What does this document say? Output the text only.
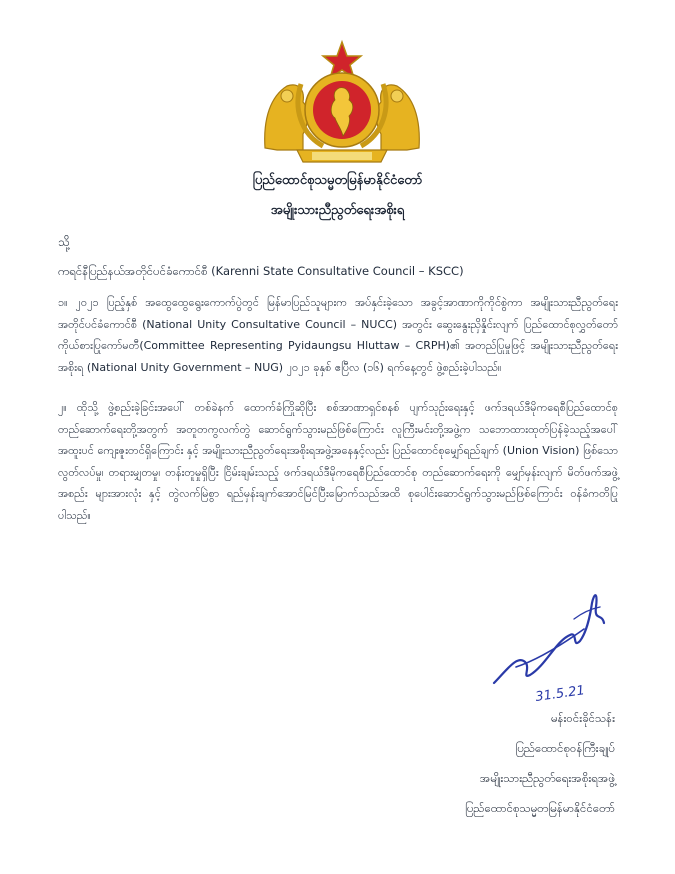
ပြည်ထောင်စုသမ္မတမြန်မာနိုင်ငံတော်
အမျိုးသားညီညွတ်ရေးအစိုးရ
သို့
ကရင်နီပြည်နယ်အတိုင်ပင်ခံကောင်စီ (Karenni State Consultative Council – KSCC)
၁။ ၂၀၂၁ ပြည့်နှစ် အထွေထွေရွေးကောက်ပွဲတွင် မြန်မာပြည်သူများက အပ်နှင်းခဲ့သော အခွင့်အာဏာကိုကိုင်စွဲကာ အမျိုးသားညီညွတ်ရေးအတိုင်ပင်ခံကောင်စီ (National Unity Consultative Council – NUCC) အတွင်း ဆွေးနွေးညှိနှိုင်းလျက် ပြည်ထောင်စုလွှတ်တော်ကိုယ်စားပြုကော်မတီ(Committee Representing Pyidaungsu Hluttaw – CRPH)၏ အတည်ပြုမှုဖြင့် အမျိုးသားညီညွတ်ရေးအစိုးရ (National Unity Government – NUG) ၂၀၂၁ ခုနှစ် ဧပြီလ (၁၆) ရက်နေ့တွင် ဖွဲ့စည်းခဲ့ပါသည်။
၂။ ထိုသို့ ဖွဲ့စည်းခဲ့ခြင်းအပေါ် တစ်ခဲနက် ထောက်ခံကြိုဆိုပြီး စစ်အာဏာရှင်စနစ် ပျက်သုဉ်းရေးနှင့် ဖက်ဒရယ်ဒီမိုကရေစီပြည်ထောင်စု တည်ဆောက်ရေးတို့အတွက် အတူတကွလက်တွဲ ဆောင်ရွက်သွားမည်ဖြစ်ကြောင်း လူကြီးမင်းတို့အဖွဲ့က သဘောထားထုတ်ပြန်ခဲ့သည့်အပေါ် အထူးပင် ကျေးဇူးတင်ရှိကြောင်း နှင့် အမျိုးသားညီညွတ်ရေးအစိုးရအဖွဲ့အနေနှင့်လည်း ပြည်ထောင်စုမျှော်ရည်ချက် (Union Vision) ဖြစ်သော လွတ်လပ်မှု၊ တရားမျှတမှု၊ တန်းတူမှုရှိပြီး ငြိမ်းချမ်းသည့် ဖက်ဒရယ်ဒီမိုကရေစီပြည်ထောင်စု တည်ဆောက်ရေးကို မျှော်မှန်းလျက် မိတ်ဖက်အဖွဲ့အစည်း များအားလုံး နှင့် တွဲလက်မြဲစွာ ရည်မှန်းချက်အောင်မြင်ပြီးမြောက်သည်အထိ စုပေါင်းဆောင်ရွက်သွားမည်ဖြစ်ကြောင်း ဝန်ခံကတိပြုပါသည်။
31.5.21
မန်းဝင်းခိုင်သန်း
ပြည်ထောင်စုဝန်ကြီးချုပ်
အမျိုးသားညီညွတ်ရေးအစိုးရအဖွဲ့
ပြည်ထောင်စုသမ္မတမြန်မာနိုင်ငံတော်
